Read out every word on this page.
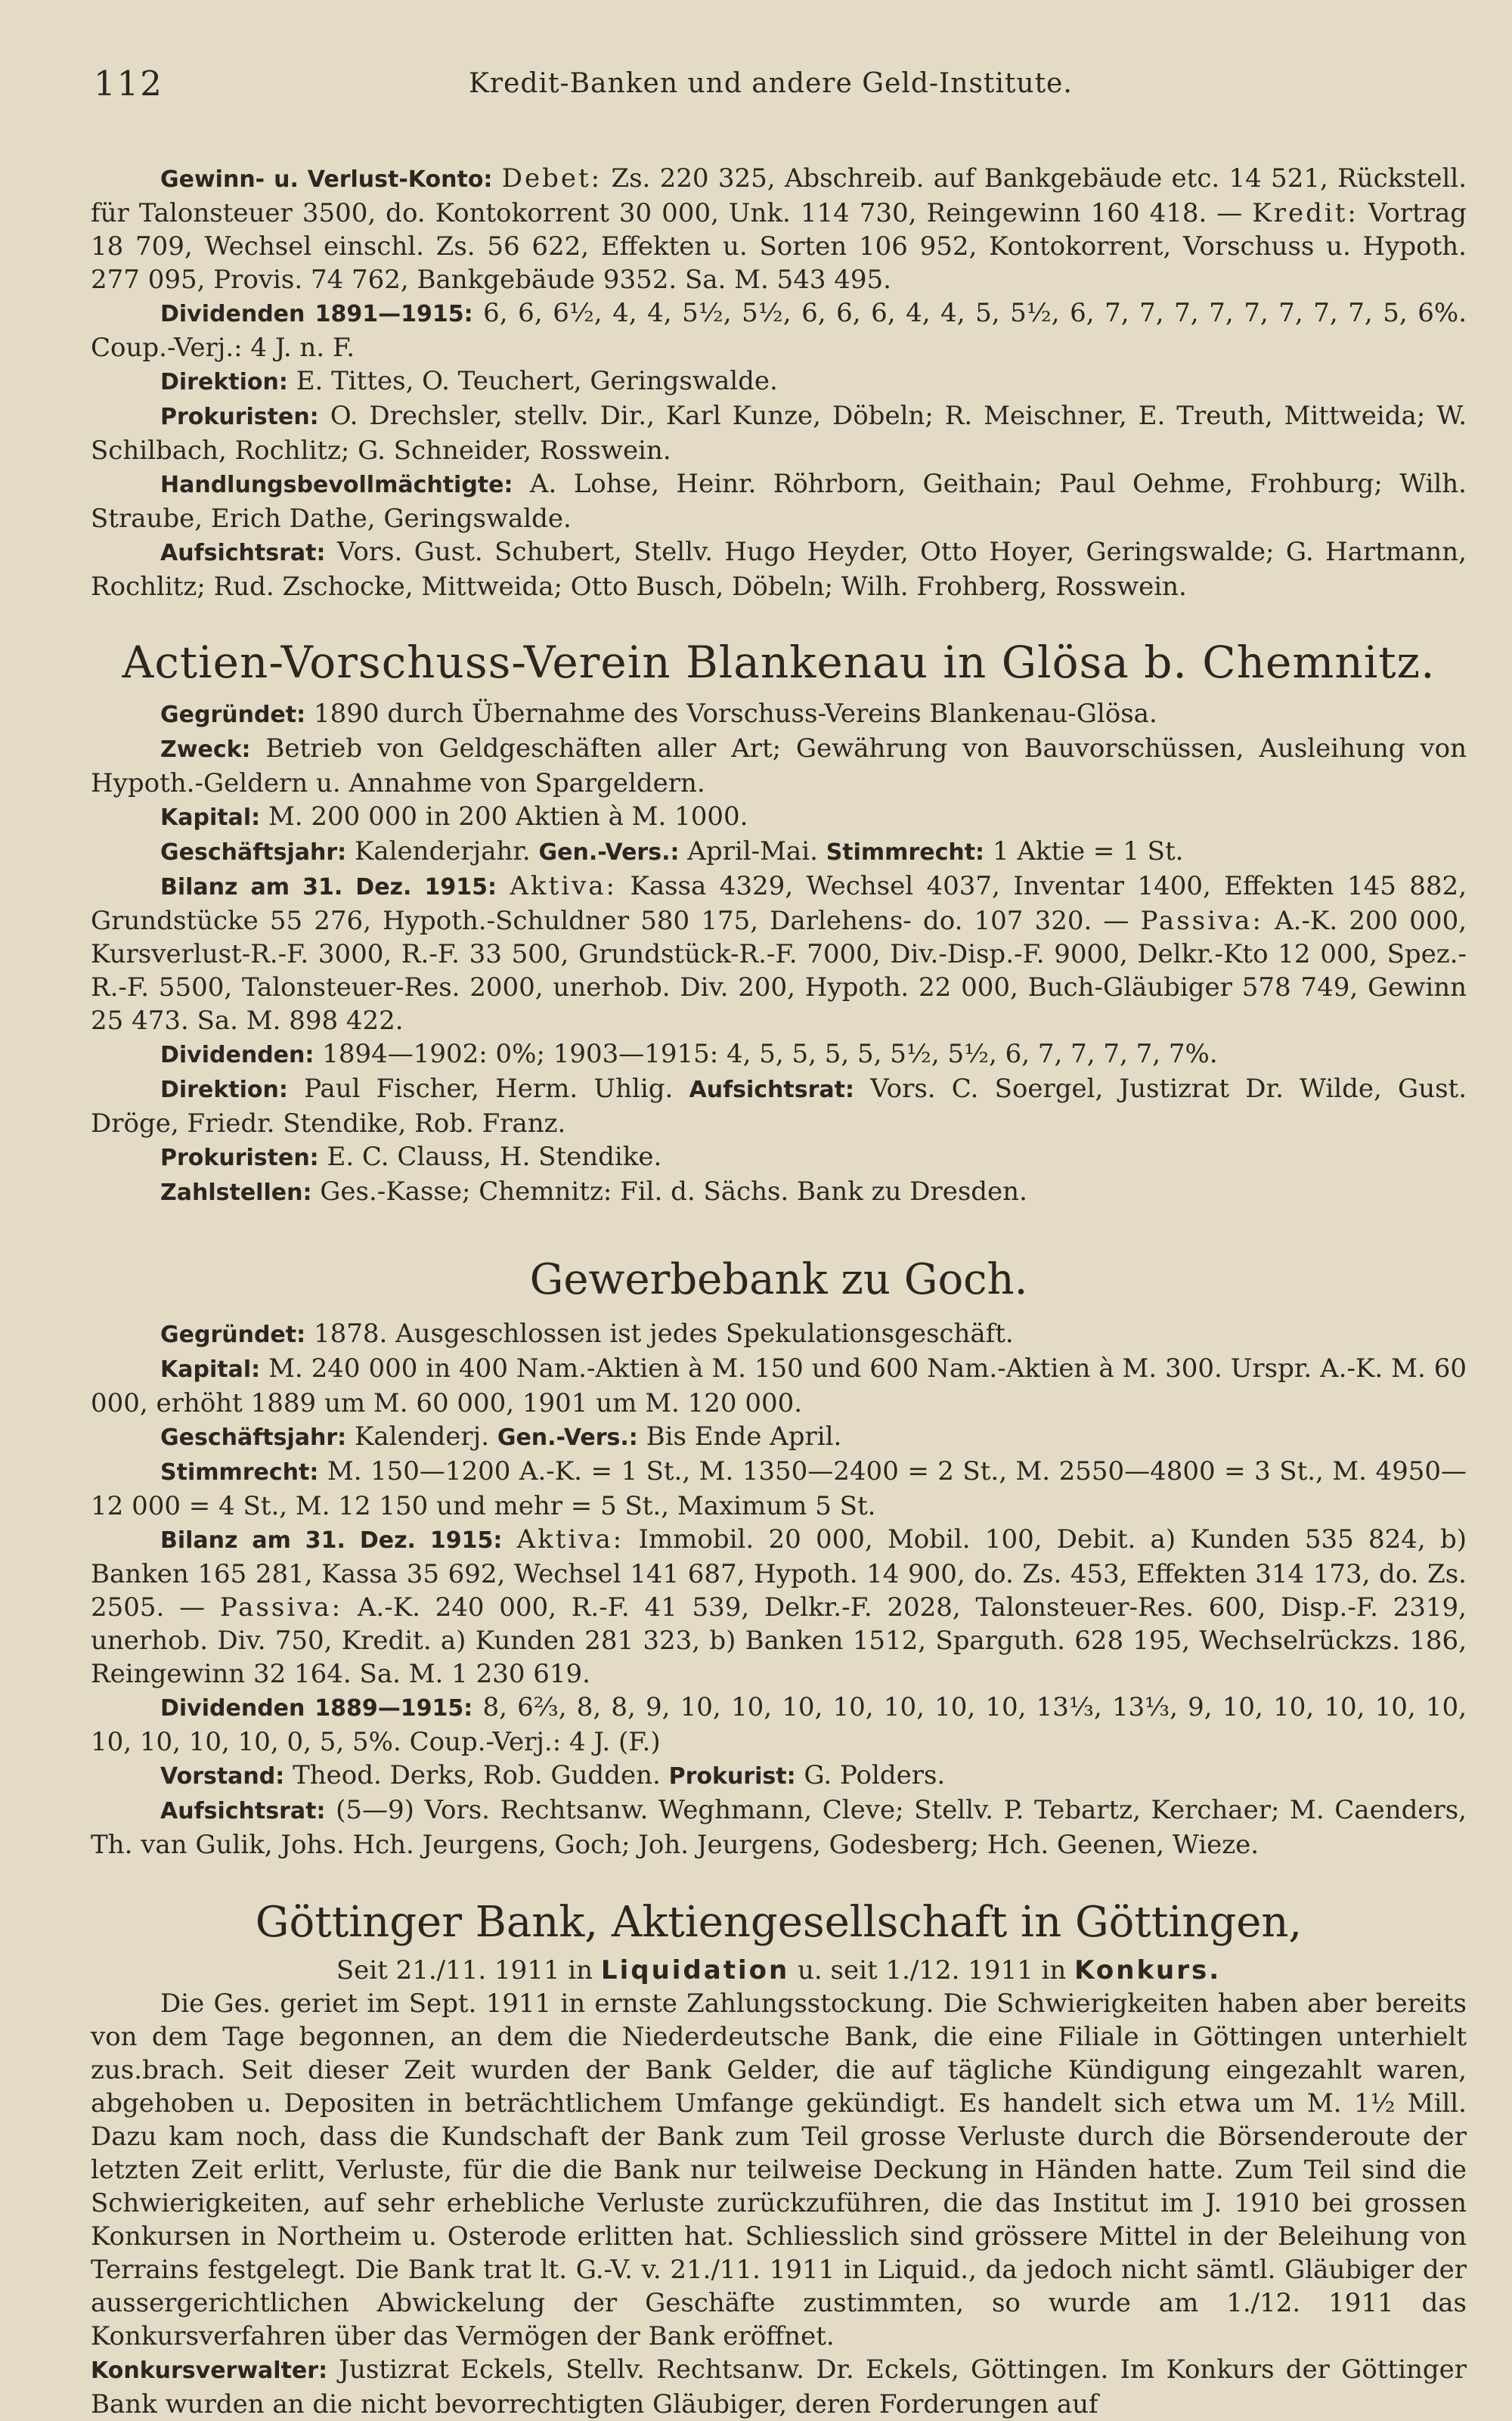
112	Kredit-Banken und andere Geld-Institute.

Gewinn- u. Verlust-Konto: Debet: Zs. 220 325, Abschreib. auf Bankgebäude etc. 14 521, Rückstell. für Talonsteuer 3500, do. Kontokorrent 30 000, Unk. 114 730, Reingewinn 160 418. — Kredit: Vortrag 18 709, Wechsel einschl. Zs. 56 622, Effekten u. Sorten 106 952, Kontokorrent, Vorschuss u. Hypoth. 277 095, Provis. 74 762, Bankgebäude 9352. Sa. M. 543 495.

Dividenden 1891—1915: 6, 6, 6½, 4, 4, 5½, 5½, 6, 6, 6, 4, 4, 5, 5½, 6, 7, 7, 7, 7, 7, 7, 7, 7, 5, 6%. Coup.-Verj.: 4 J. n. F.

Direktion: E. Tittes, O. Teuchert, Geringswalde.

Prokuristen: O. Drechsler, stellv. Dir., Karl Kunze, Döbeln; R. Meischner, E. Treuth, Mittweida; W. Schilbach, Rochlitz; G. Schneider, Rosswein.

Handlungsbevollmächtigte: A. Lohse, Heinr. Röhrborn, Geithain; Paul Oehme, Frohburg; Wilh. Straube, Erich Dathe, Geringswalde.

Aufsichtsrat: Vors. Gust. Schubert, Stellv. Hugo Heyder, Otto Hoyer, Geringswalde; G. Hartmann, Rochlitz; Rud. Zschocke, Mittweida; Otto Busch, Döbeln; Wilh. Frohberg, Rosswein.

Actien-Vorschuss-Verein Blankenau in Glösa b. Chemnitz.

Gegründet: 1890 durch Übernahme des Vorschuss-Vereins Blankenau-Glösa.

Zweck: Betrieb von Geldgeschäften aller Art; Gewährung von Bauvorschüssen, Ausleihung von Hypoth.-Geldern u. Annahme von Spargeldern.

Kapital: M. 200 000 in 200 Aktien à M. 1000.

Geschäftsjahr: Kalenderjahr. Gen.-Vers.: April-Mai. Stimmrecht: 1 Aktie = 1 St.

Bilanz am 31. Dez. 1915: Aktiva: Kassa 4329, Wechsel 4037, Inventar 1400, Effekten 145 882, Grundstücke 55 276, Hypoth.-Schuldner 580 175, Darlehens- do. 107 320. — Passiva: A.-K. 200 000, Kursverlust-R.-F. 3000, R.-F. 33 500, Grundstück-R.-F. 7000, Div.-Disp.-F. 9000, Delkr.-Kto 12 000, Spez.-R.-F. 5500, Talonsteuer-Res. 2000, unerhob. Div. 200, Hypoth. 22 000, Buch-Gläubiger 578 749, Gewinn 25 473. Sa. M. 898 422.

Dividenden: 1894—1902: 0%; 1903—1915: 4, 5, 5, 5, 5, 5½, 5½, 6, 7, 7, 7, 7, 7%.

Direktion: Paul Fischer, Herm. Uhlig. Aufsichtsrat: Vors. C. Soergel, Justizrat Dr. Wilde, Gust. Dröge, Friedr. Stendike, Rob. Franz.

Prokuristen: E. C. Clauss, H. Stendike.

Zahlstellen: Ges.-Kasse; Chemnitz: Fil. d. Sächs. Bank zu Dresden.

Gewerbebank zu Goch.

Gegründet: 1878. Ausgeschlossen ist jedes Spekulationsgeschäft.

Kapital: M. 240 000 in 400 Nam.-Aktien à M. 150 und 600 Nam.-Aktien à M. 300. Urspr. A.-K. M. 60 000, erhöht 1889 um M. 60 000, 1901 um M. 120 000.

Geschäftsjahr: Kalenderj. Gen.-Vers.: Bis Ende April.

Stimmrecht: M. 150—1200 A.-K. = 1 St., M. 1350—2400 = 2 St., M. 2550—4800 = 3 St., M. 4950—12 000 = 4 St., M. 12 150 und mehr = 5 St., Maximum 5 St.

Bilanz am 31. Dez. 1915: Aktiva: Immobil. 20 000, Mobil. 100, Debit. a) Kunden 535 824, b) Banken 165 281, Kassa 35 692, Wechsel 141 687, Hypoth. 14 900, do. Zs. 453, Effekten 314 173, do. Zs. 2505. — Passiva: A.-K. 240 000, R.-F. 41 539, Delkr.-F. 2028, Talonsteuer-Res. 600, Disp.-F. 2319, unerhob. Div. 750, Kredit. a) Kunden 281 323, b) Banken 1512, Sparguth. 628 195, Wechselrückzs. 186, Reingewinn 32 164. Sa. M. 1 230 619.

Dividenden 1889—1915: 8, 6⅔, 8, 8, 9, 10, 10, 10, 10, 10, 10, 10, 13⅓, 13⅓, 9, 10, 10, 10, 10, 10, 10, 10, 10, 10, 0, 5, 5%. Coup.-Verj.: 4 J. (F.)

Vorstand: Theod. Derks, Rob. Gudden. Prokurist: G. Polders.

Aufsichtsrat: (5—9) Vors. Rechtsanw. Weghmann, Cleve; Stellv. P. Tebartz, Kerchaer; M. Caenders, Th. van Gulik, Johs. Hch. Jeurgens, Goch; Joh. Jeurgens, Godesberg; Hch. Geenen, Wieze.

Göttinger Bank, Aktiengesellschaft in Göttingen,
Seit 21./11. 1911 in Liquidation u. seit 1./12. 1911 in Konkurs.

Die Ges. geriet im Sept. 1911 in ernste Zahlungsstockung. Die Schwierigkeiten haben aber bereits von dem Tage begonnen, an dem die Niederdeutsche Bank, die eine Filiale in Göttingen unterhielt zus.brach. Seit dieser Zeit wurden der Bank Gelder, die auf tägliche Kündigung eingezahlt waren, abgehoben u. Depositen in beträchtlichem Umfange gekündigt. Es handelt sich etwa um M. 1½ Mill. Dazu kam noch, dass die Kundschaft der Bank zum Teil grosse Verluste durch die Börsenderoute der letzten Zeit erlitt, Verluste, für die die Bank nur teilweise Deckung in Händen hatte. Zum Teil sind die Schwierigkeiten, auf sehr erhebliche Verluste zurückzuführen, die das Institut im J. 1910 bei grossen Konkursen in Northeim u. Osterode erlitten hat. Schliesslich sind grössere Mittel in der Beleihung von Terrains festgelegt. Die Bank trat lt. G.-V. v. 21./11. 1911 in Liquid., da jedoch nicht sämtl. Gläubiger der aussergerichtlichen Abwickelung der Geschäfte zustimmten, so wurde am 1./12. 1911 das Konkursverfahren über das Vermögen der Bank eröffnet.

Konkursverwalter: Justizrat Eckels, Stellv. Rechtsanw. Dr. Eckels, Göttingen. Im Konkurs der Göttinger Bank wurden an die nicht bevorrechtigten Gläubiger, deren Forderungen auf
